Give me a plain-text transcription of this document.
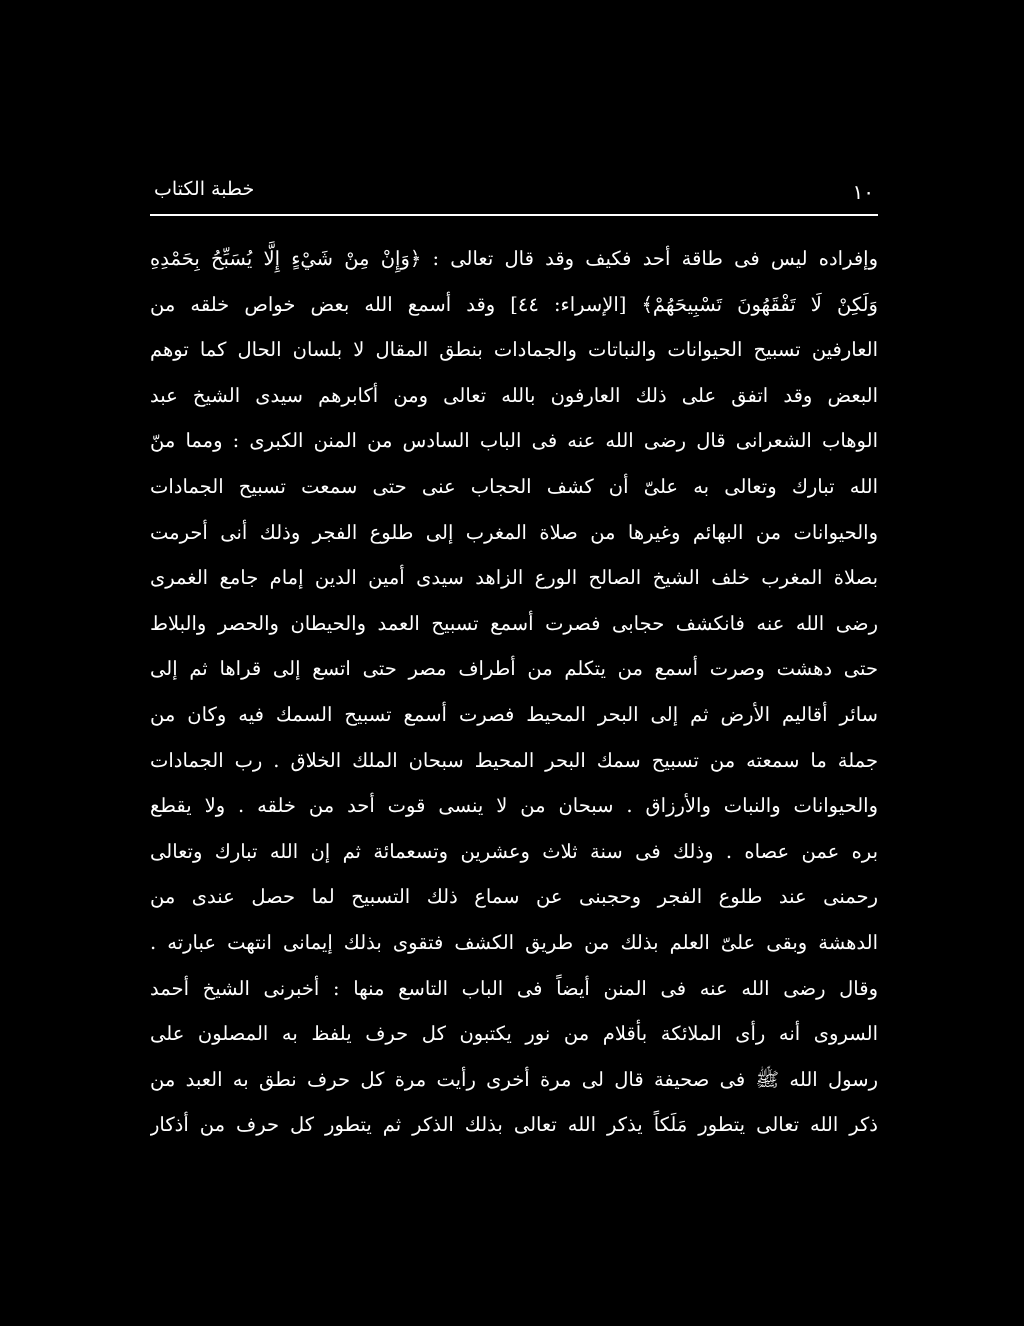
خطبة الكتاب	١٠
وإفراده ليس فى طاقة أحد فكيف وقد قال تعالى : ﴿وَإِنْ مِنْ شَيْءٍ إِلَّا يُسَبِّحُ بِحَمْدِهِ
وَلَكِنْ لَا تَفْقَهُونَ تَسْبِيحَهُمْ﴾ [الإسراء: ٤٤] وقد أسمع الله بعض خواص خلقه من
العارفين تسبيح الحيوانات والنباتات والجمادات بنطق المقال لا بلسان الحال كما توهم
البعض وقد اتفق على ذلك العارفون بالله تعالى ومن أكابرهم سيدى الشيخ عبد
الوهاب الشعرانى قال رضى الله عنه فى الباب السادس من المنن الكبرى : ومما منّ
الله تبارك وتعالى به علىّ أن كشف الحجاب عنى حتى سمعت تسبيح الجمادات
والحيوانات من البهائم وغيرها من صلاة المغرب إلى طلوع الفجر وذلك أنى أحرمت
بصلاة المغرب خلف الشيخ الصالح الورع الزاهد سيدى أمين الدين إمام جامع الغمرى
رضى الله عنه فانكشف حجابى فصرت أسمع تسبيح العمد والحيطان والحصر والبلاط
حتى دهشت وصرت أسمع من يتكلم من أطراف مصر حتى اتسع إلى قراها ثم إلى
سائر أقاليم الأرض ثم إلى البحر المحيط فصرت أسمع تسبيح السمك فيه وكان من
جملة ما سمعته من تسبيح سمك البحر المحيط سبحان الملك الخلاق . رب الجمادات
والحيوانات والنبات والأرزاق . سبحان من لا ينسى قوت أحد من خلقه . ولا يقطع
بره عمن عصاه . وذلك فى سنة ثلاث وعشرين وتسعمائة ثم إن الله تبارك وتعالى
رحمنى عند طلوع الفجر وحجبنى عن سماع ذلك التسبيح لما حصل عندى من
الدهشة وبقى علىّ العلم بذلك من طريق الكشف فتقوى بذلك إيمانى انتهت عبارته .
وقال رضى الله عنه فى المنن أيضاً فى الباب التاسع منها : أخبرنى الشيخ أحمد
السروى أنه رأى الملائكة بأقلام من نور يكتبون كل حرف يلفظ به المصلون على
رسول الله ﷺ فى صحيفة قال لى مرة أخرى رأيت مرة كل حرف نطق به العبد من
ذكر الله تعالى يتطور مَلَكاً يذكر الله تعالى بذلك الذكر ثم يتطور كل حرف من أذكار
